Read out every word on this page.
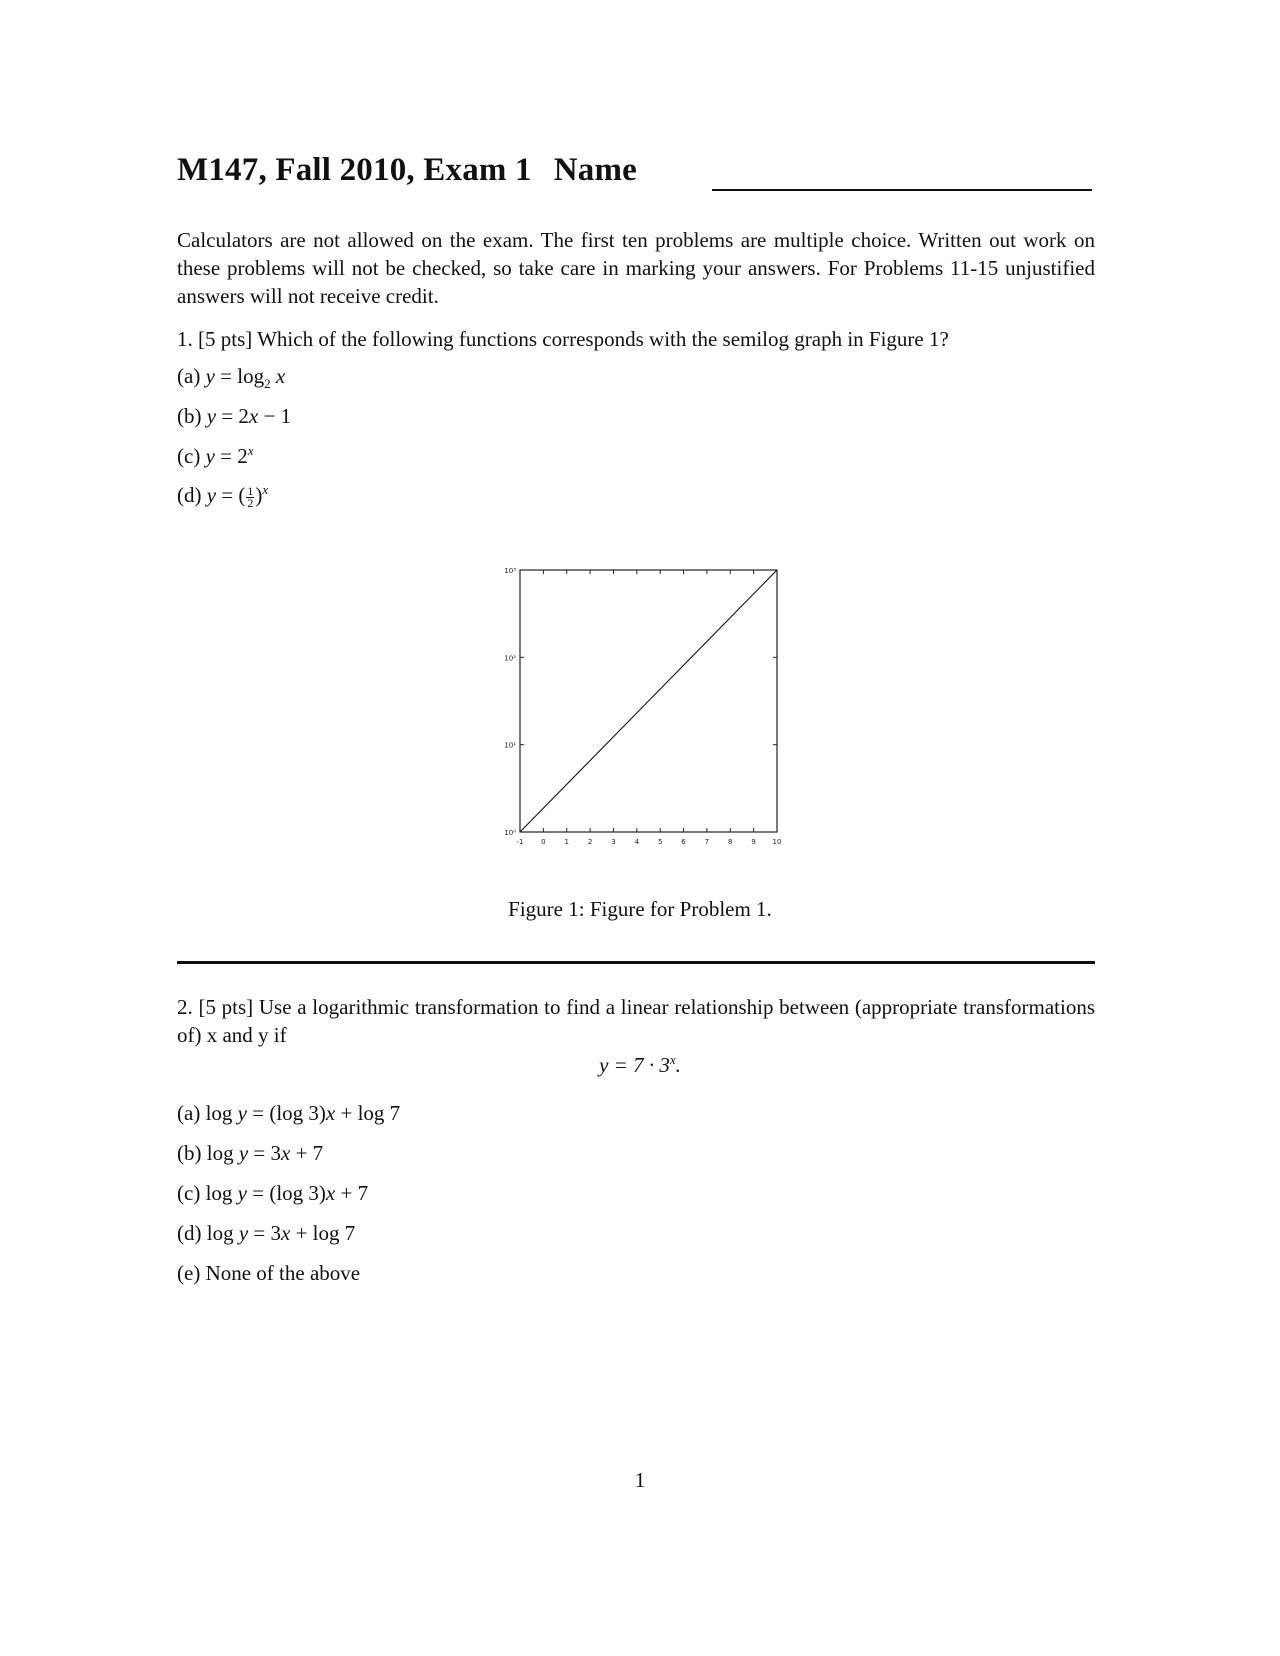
M147, Fall 2010, Exam 1 Name
Calculators are not allowed on the exam. The first ten problems are multiple choice. Written out work on these problems will not be checked, so take care in marking your answers. For Problems 11-15 unjustified answers will not receive credit.
1. [5 pts] Which of the following functions corresponds with the semilog graph in Figure 1?
(a) $y = \log_2 x$
(b) y = 2x − 1
(c) $y = 2^x$
(d) y = ( $\frac{1}{2} )^x$
-1	0	1	2	3	4	5	6	7	8	9 10
10⁰
10¹
10²
10³
Figure 1: Figure for Problem 1.
2. [5 pts] Use a logarithmic transformation to find a linear relationship between (appropriate transformations of) x and y if
$y = 7 \cdot 3^x$.
(a) log y = (log 3)x + log 7
(b) log y = 3x + 7
(c) log y = (log 3)x + 7
(d) log y = 3x + log 7
(e) None of the above
1
